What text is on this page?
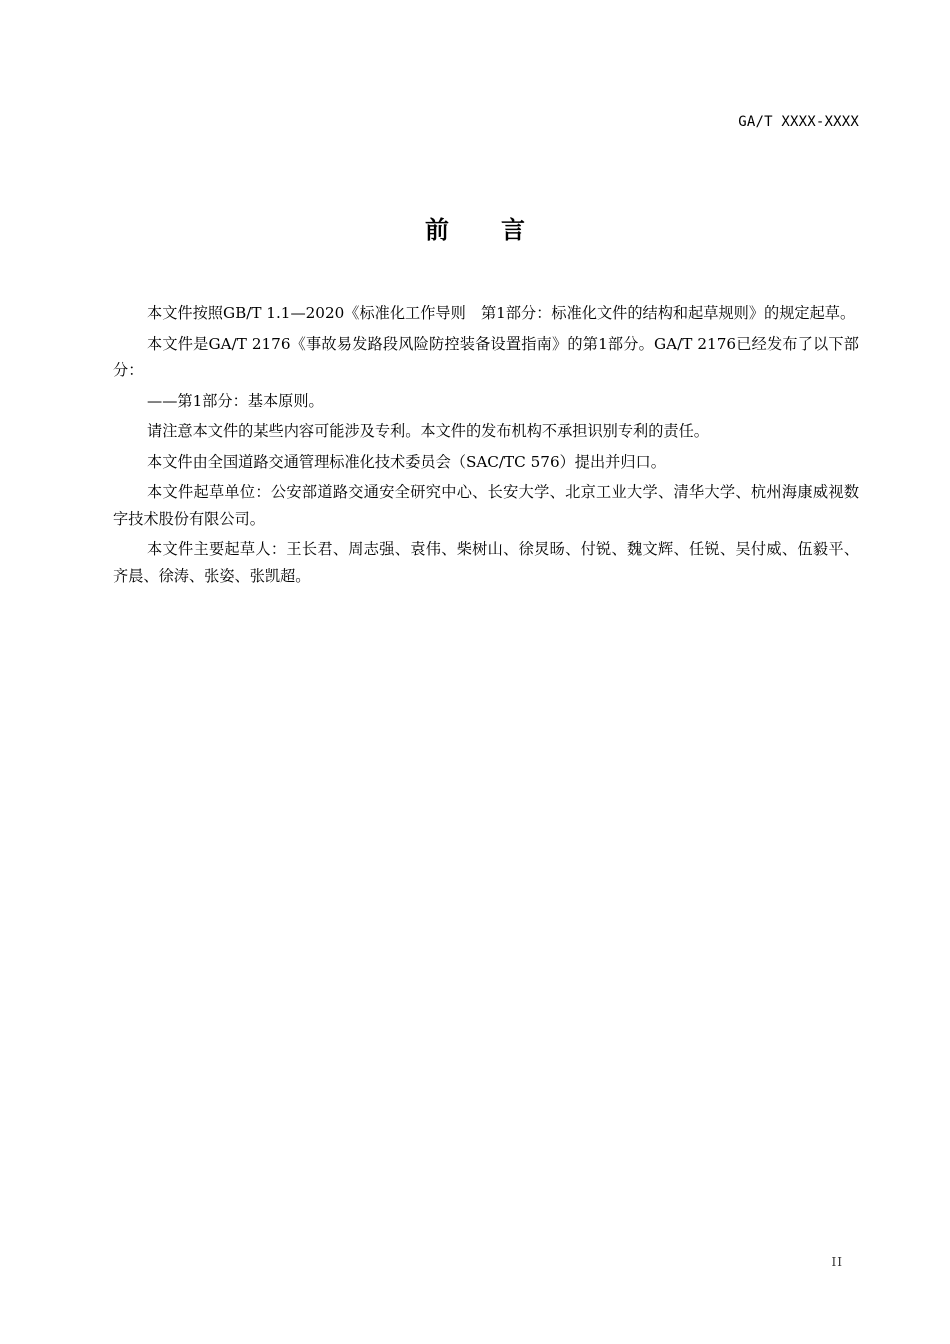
GA/T XXXX-XXXX
前 言

本文件按照GB/T 1.1—2020《标准化工作导则　第1部分：标准化文件的结构和起草规则》的规定起草。

本文件是GA/T 2176《事故易发路段风险防控装备设置指南》的第1部分。GA/T 2176已经发布了以下部分：

——第1部分：基本原则。

请注意本文件的某些内容可能涉及专利。本文件的发布机构不承担识别专利的责任。

本文件由全国道路交通管理标准化技术委员会（SAC/TC 576）提出并归口。

本文件起草单位：公安部道路交通安全研究中心、长安大学、北京工业大学、清华大学、杭州海康威视数字技术股份有限公司。

本文件主要起草人：王长君、周志强、袁伟、柴树山、徐炅旸、付锐、魏文辉、任锐、吴付威、伍毅平、齐晨、徐涛、张姿、张凯超。

II
